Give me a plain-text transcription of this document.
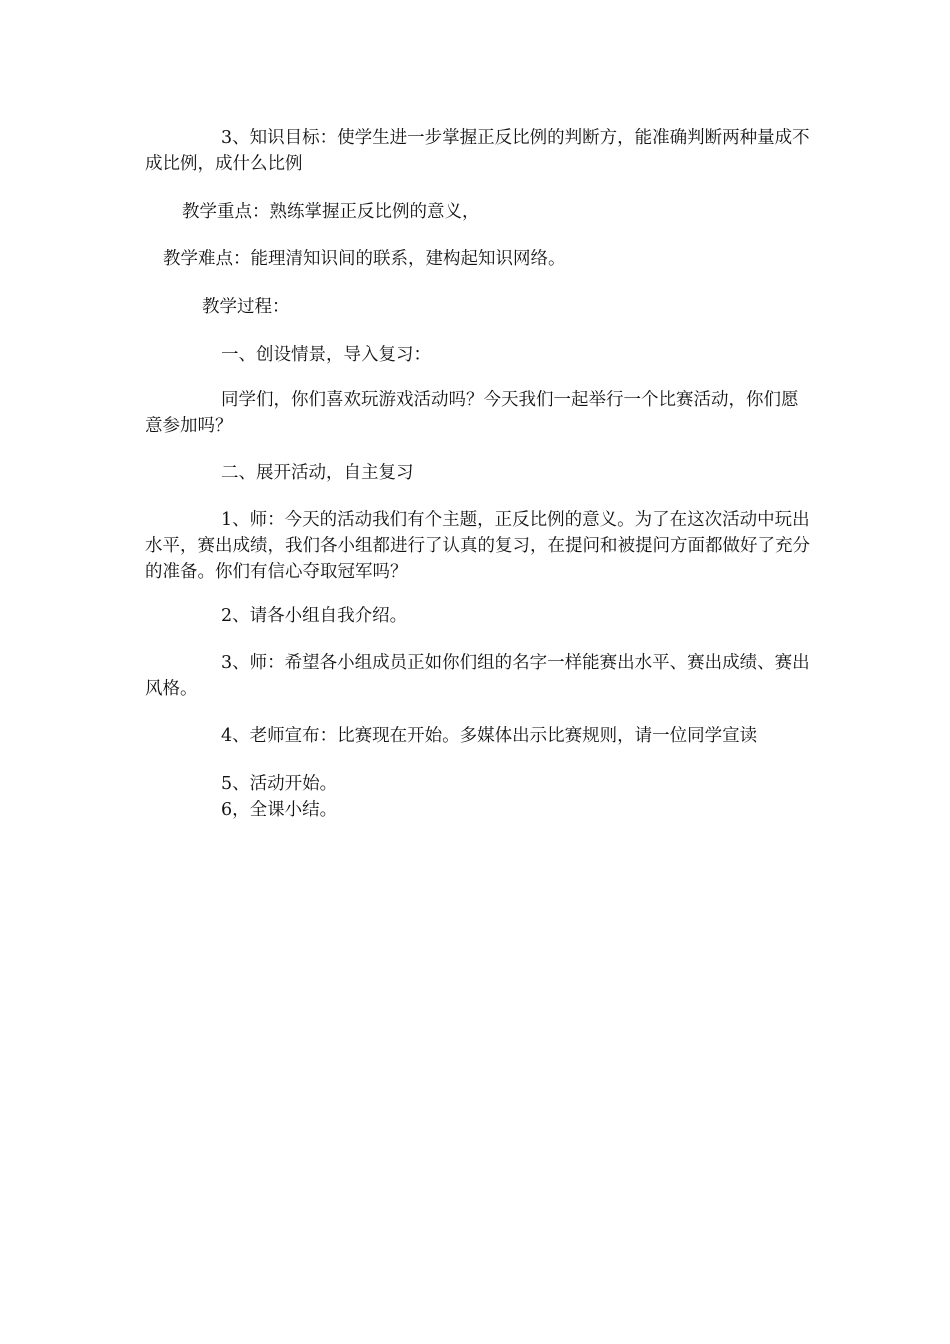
3、知识目标：使学生进一步掌握正反比例的判断方，能准确判断两种量成不成比例，成什么比例

教学重点：熟练掌握正反比例的意义，

教学难点：能理清知识间的联系，建构起知识网络。

教学过程：

一、创设情景，导入复习：

同学们，你们喜欢玩游戏活动吗？今天我们一起举行一个比赛活动，你们愿意参加吗？

二、展开活动，自主复习

1、师：今天的活动我们有个主题，正反比例的意义。为了在这次活动中玩出水平，赛出成绩，我们各小组都进行了认真的复习，在提问和被提问方面都做好了充分的准备。你们有信心夺取冠军吗？

2、请各小组自我介绍。

3、师：希望各小组成员正如你们组的名字一样能赛出水平、赛出成绩、赛出风格。

4、老师宣布：比赛现在开始。多媒体出示比赛规则，请一位同学宣读

5、活动开始。

6，全课小结。
